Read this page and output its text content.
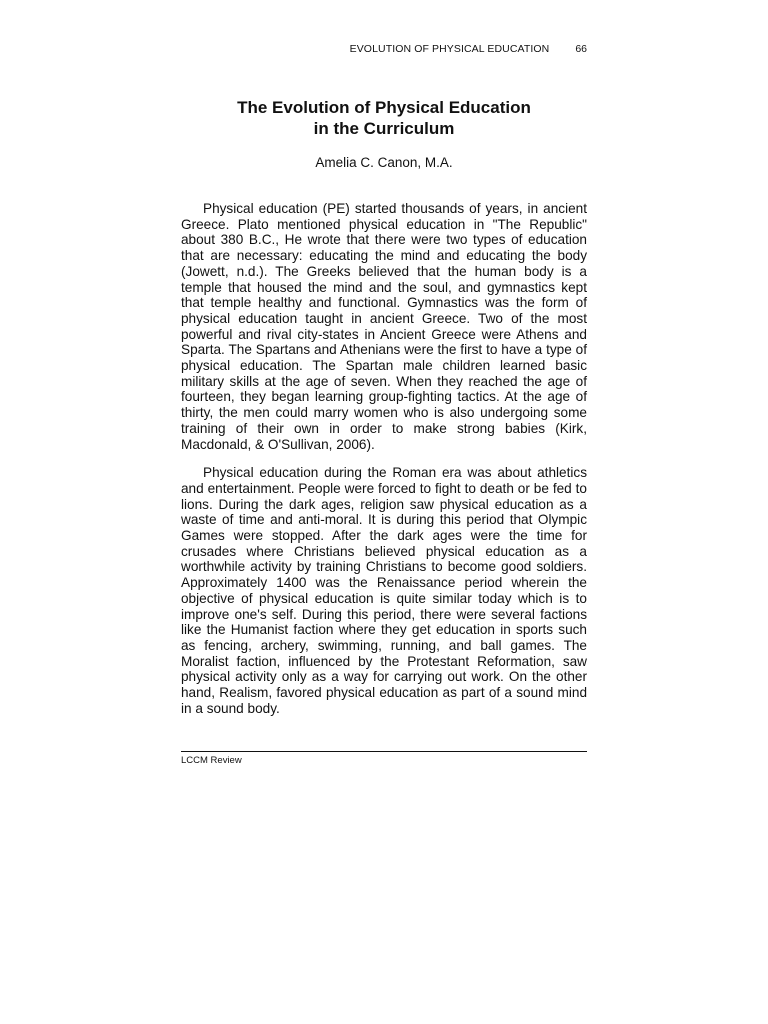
EVOLUTION OF PHYSICAL EDUCATION 66
The Evolution of Physical Education
in the Curriculum
Amelia C. Canon, M.A.

Physical education (PE) started thousands of years, in ancient Greece. Plato mentioned physical education in "The Republic" about 380 B.C., He wrote that there were two types of education that are necessary: educating the mind and educating the body (Jowett, n.d.). The Greeks believed that the human body is a temple that housed the mind and the soul, and gymnastics kept that temple healthy and functional. Gymnastics was the form of physical education taught in ancient Greece. Two of the most powerful and rival city-states in Ancient Greece were Athens and Sparta. The Spartans and Athenians were the first to have a type of physical education. The Spartan male children learned basic military skills at the age of seven. When they reached the age of fourteen, they began learning group-fighting tactics. At the age of thirty, the men could marry women who is also undergoing some training of their own in order to make strong babies (Kirk, Macdonald, & O'Sullivan, 2006).

Physical education during the Roman era was about athletics and entertainment. People were forced to fight to death or be fed to lions. During the dark ages, religion saw physical education as a waste of time and anti-moral. It is during this period that Olympic Games were stopped. After the dark ages were the time for crusades where Christians believed physical education as a worthwhile activity by training Christians to become good soldiers. Approximately 1400 was the Renaissance period wherein the objective of physical education is quite similar today which is to improve one's self. During this period, there were several factions like the Humanist faction where they get education in sports such as fencing, archery, swimming, running, and ball games. The Moralist faction, influenced by the Protestant Reformation, saw physical activity only as a way for carrying out work. On the other hand, Realism, favored physical education as part of a sound mind in a sound body.

LCCM Review
